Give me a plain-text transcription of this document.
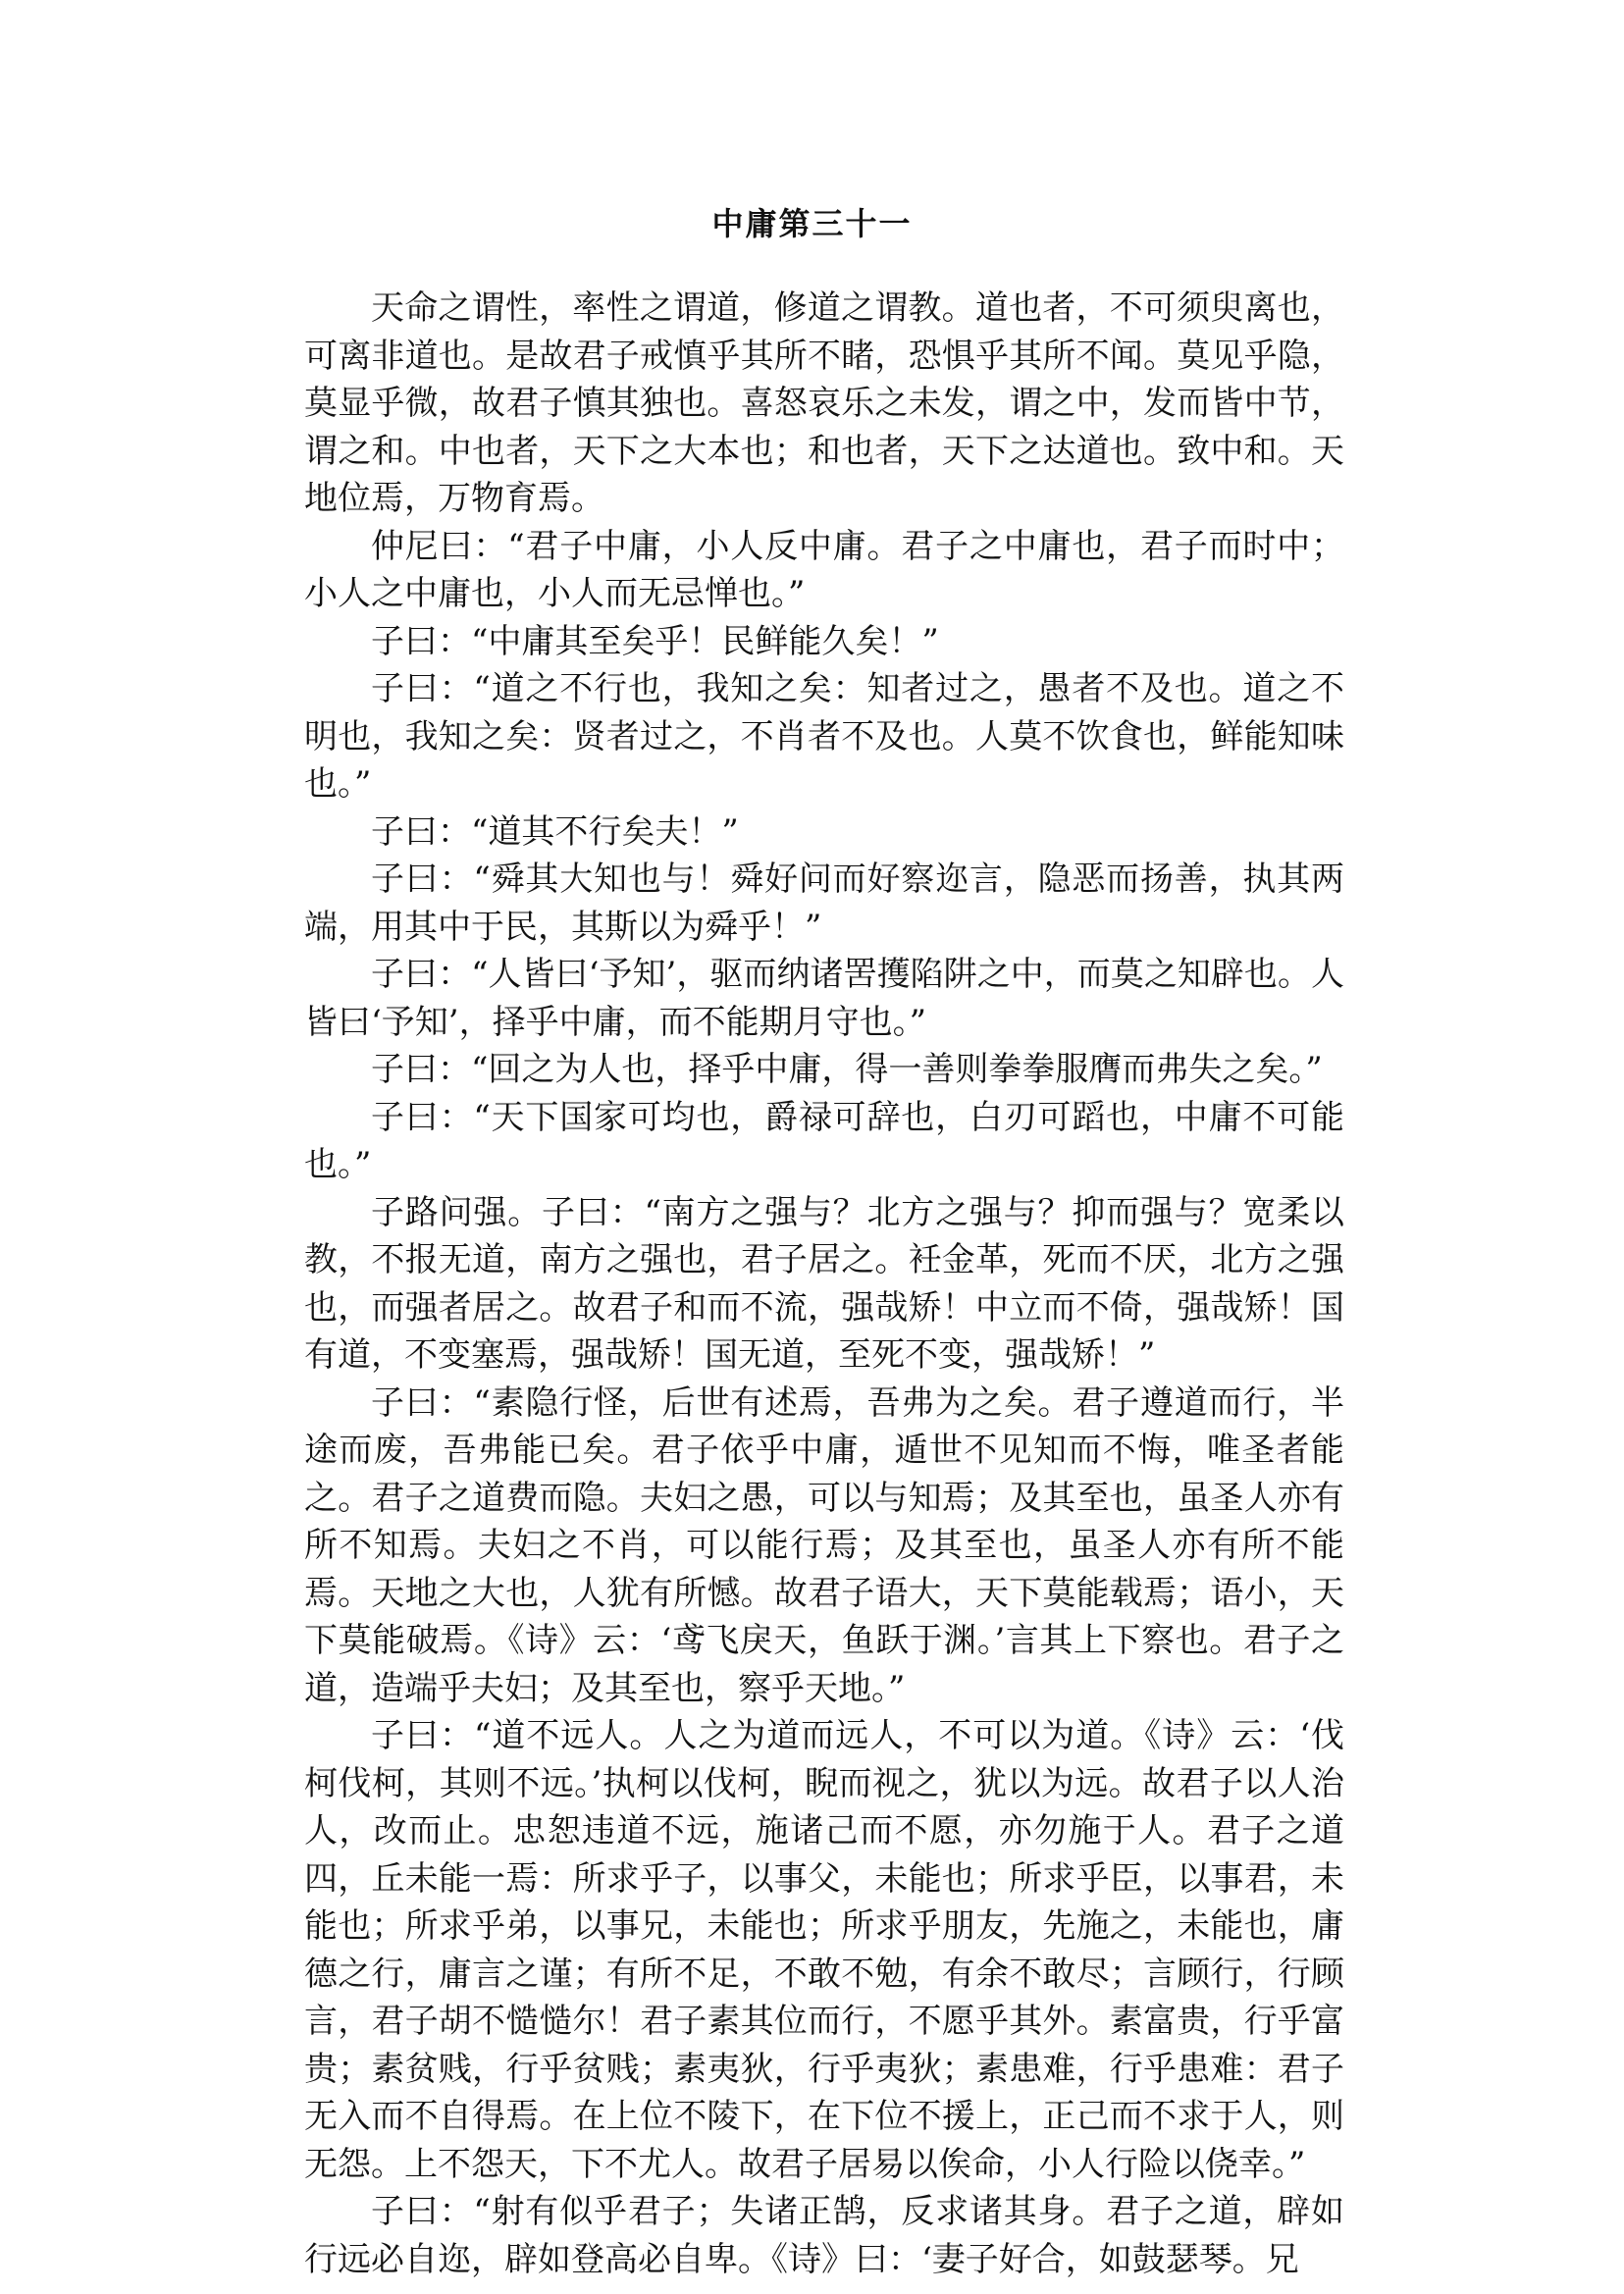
中庸第三十一

天命之谓性，率性之谓道，修道之谓教。道也者，不可须臾离也，可离非道也。是故君子戒慎乎其所不睹，恐惧乎其所不闻。莫见乎隐，莫显乎微，故君子慎其独也。喜怒哀乐之未发，谓之中，发而皆中节，谓之和。中也者，天下之大本也；和也者，天下之达道也。致中和。天地位焉，万物育焉。

仲尼曰：“君子中庸，小人反中庸。君子之中庸也，君子而时中；小人之中庸也，小人而无忌惮也。”

子曰：“中庸其至矣乎！民鲜能久矣！”

子曰：“道之不行也，我知之矣：知者过之，愚者不及也。道之不明也，我知之矣：贤者过之，不肖者不及也。人莫不饮食也，鲜能知味也。”

子曰：“道其不行矣夫！”

子曰：“舜其大知也与！舜好问而好察迩言，隐恶而扬善，执其两端，用其中于民，其斯以为舜乎！”

子曰：“人皆曰‘予知’，驱而纳诸罟擭陷阱之中，而莫之知辟也。人皆曰‘予知’，择乎中庸，而不能期月守也。”

子曰：“回之为人也，择乎中庸，得一善则拳拳服膺而弗失之矣。”

子曰：“天下国家可均也，爵禄可辞也，白刃可蹈也，中庸不可能也。”

子路问强。子曰：“南方之强与？北方之强与？抑而强与？宽柔以教，不报无道，南方之强也，君子居之。衽金革，死而不厌，北方之强也，而强者居之。故君子和而不流，强哉矫！中立而不倚，强哉矫！国有道，不变塞焉，强哉矫！国无道，至死不变，强哉矫！”

子曰：“素隐行怪，后世有述焉，吾弗为之矣。君子遵道而行，半途而废，吾弗能已矣。君子依乎中庸，遁世不见知而不悔，唯圣者能之。君子之道费而隐。夫妇之愚，可以与知焉；及其至也，虽圣人亦有所不知焉。夫妇之不肖，可以能行焉；及其至也，虽圣人亦有所不能焉。天地之大也，人犹有所憾。故君子语大，天下莫能载焉；语小，天下莫能破焉。《诗》云：‘鸢飞戾天，鱼跃于渊。’言其上下察也。君子之道，造端乎夫妇；及其至也，察乎天地。”

子曰：“道不远人。人之为道而远人，不可以为道。《诗》云：‘伐柯伐柯，其则不远。’执柯以伐柯，睨而视之，犹以为远。故君子以人治人，改而止。忠恕违道不远，施诸己而不愿，亦勿施于人。君子之道四，丘未能一焉：所求乎子，以事父，未能也；所求乎臣，以事君，未能也；所求乎弟，以事兄，未能也；所求乎朋友，先施之，未能也，庸德之行，庸言之谨；有所不足，不敢不勉，有余不敢尽；言顾行，行顾言，君子胡不慥慥尔！君子素其位而行，不愿乎其外。素富贵，行乎富贵；素贫贱，行乎贫贱；素夷狄，行乎夷狄；素患难，行乎患难：君子无入而不自得焉。在上位不陵下，在下位不援上，正己而不求于人，则无怨。上不怨天，下不尤人。故君子居易以俟命，小人行险以侥幸。”

子曰：“射有似乎君子；失诸正鹄，反求诸其身。君子之道，辟如行远必自迩，辟如登高必自卑。《诗》曰：‘妻子好合，如鼓瑟琴。兄
